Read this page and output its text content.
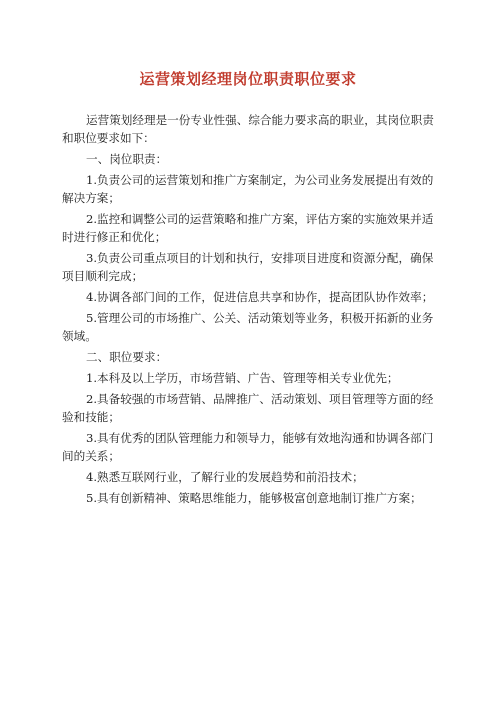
运营策划经理岗位职责职位要求

运营策划经理是一份专业性强、综合能力要求高的职业，其岗位职责和职位要求如下：

一、岗位职责：

1.负责公司的运营策划和推广方案制定，为公司业务发展提出有效的解决方案；

2.监控和调整公司的运营策略和推广方案，评估方案的实施效果并适时进行修正和优化；

3.负责公司重点项目的计划和执行，安排项目进度和资源分配，确保项目顺利完成；

4.协调各部门间的工作，促进信息共享和协作，提高团队协作效率；

5.管理公司的市场推广、公关、活动策划等业务，积极开拓新的业务领域。

二、职位要求：

1.本科及以上学历，市场营销、广告、管理等相关专业优先；

2.具备较强的市场营销、品牌推广、活动策划、项目管理等方面的经验和技能；

3.具有优秀的团队管理能力和领导力，能够有效地沟通和协调各部门间的关系；

4.熟悉互联网行业，了解行业的发展趋势和前沿技术；

5.具有创新精神、策略思维能力，能够极富创意地制订推广方案；
